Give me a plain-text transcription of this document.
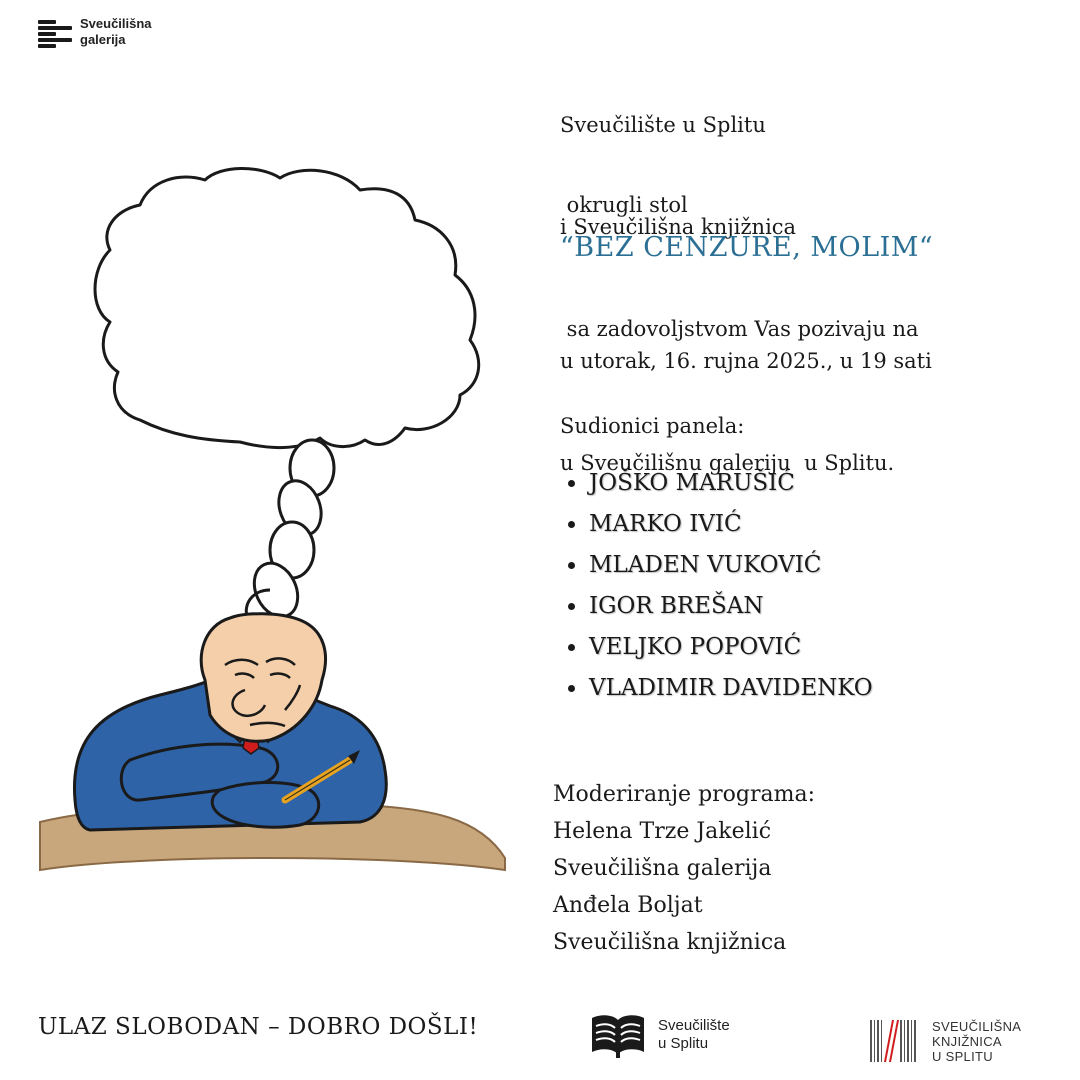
Sveučilišna
galerija

Sveučilište u Splitu

i Sveučilišna knjižnica

sa zadovoljstvom Vas pozivaju na

okrugli stol
“BEZ CENZURE, MOLIM“

u utorak, 16. rujna 2025., u 19 sati

u Sveučilišnu galeriju  u Splitu.

Sudionici panela:
JOŠKO MARUŠIĆ
MARKO IVIĆ
MLADEN VUKOVIĆ
IGOR BREŠAN
VELJKO POPOVIĆ
VLADIMIR DAVIDENKO
Moderiranje programa:
Helena Trze Jakelić
Sveučilišna galerija
Anđela Boljat
Sveučilišna knjižnica
ULAZ SLOBODAN – DOBRO DOŠLI!	Sveučilište
u Splitu
SVEUČILIŠNA
KNJIŽNICA
U SPLITU
